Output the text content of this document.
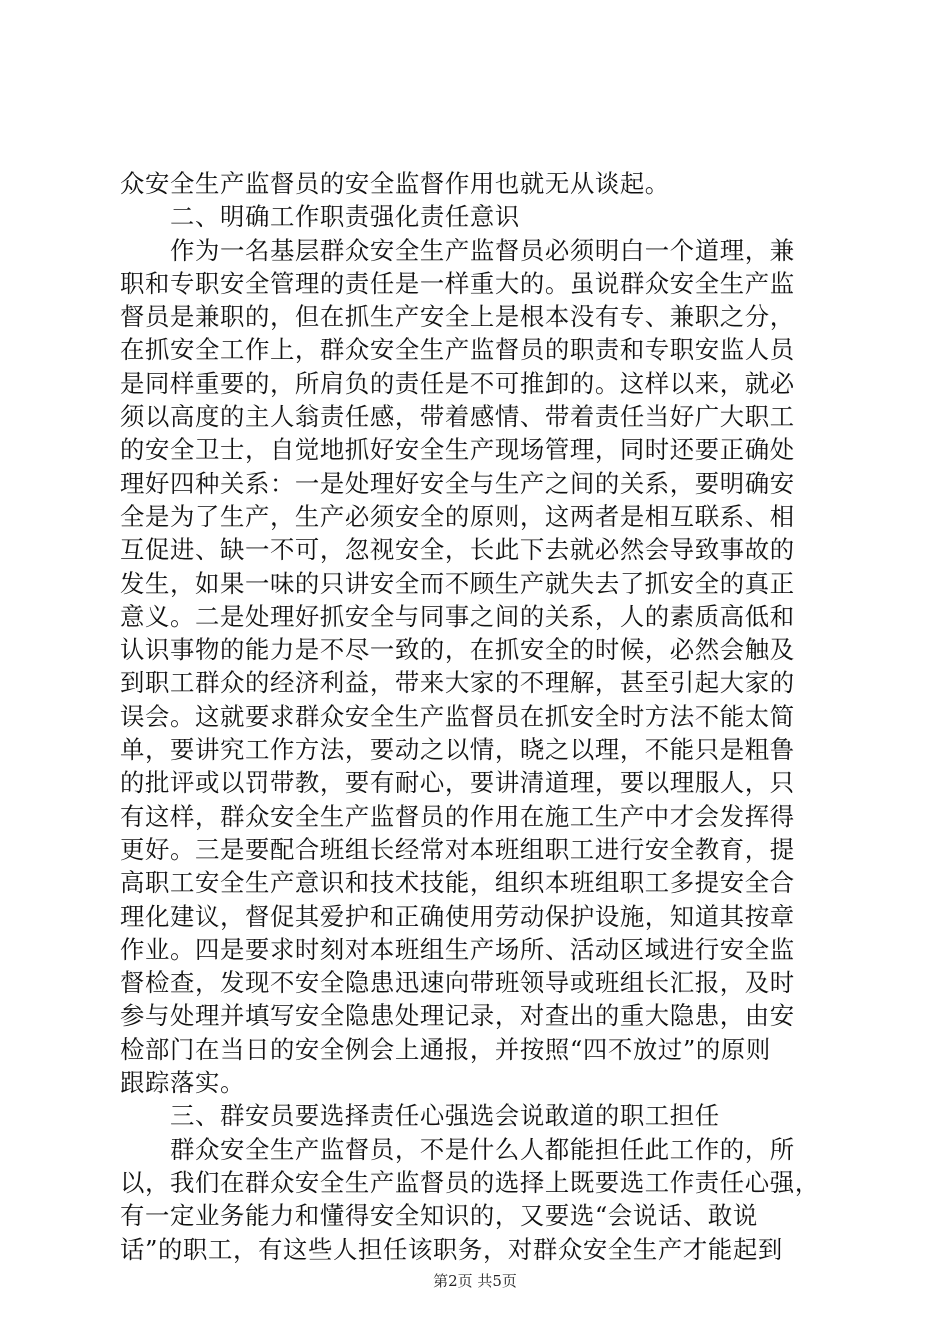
众安全生产监督员的安全监督作用也就无从谈起。
　　二、明确工作职责强化责任意识
　　作为一名基层群众安全生产监督员必须明白一个道理，兼
职和专职安全管理的责任是一样重大的。虽说群众安全生产监
督员是兼职的，但在抓生产安全上是根本没有专、兼职之分，
在抓安全工作上，群众安全生产监督员的职责和专职安监人员
是同样重要的，所肩负的责任是不可推卸的。这样以来，就必
须以高度的主人翁责任感，带着感情、带着责任当好广大职工
的安全卫士，自觉地抓好安全生产现场管理，同时还要正确处
理好四种关系：一是处理好安全与生产之间的关系，要明确安
全是为了生产，生产必须安全的原则，这两者是相互联系、相
互促进、缺一不可，忽视安全，长此下去就必然会导致事故的
发生，如果一味的只讲安全而不顾生产就失去了抓安全的真正
意义。二是处理好抓安全与同事之间的关系，人的素质高低和
认识事物的能力是不尽一致的，在抓安全的时候，必然会触及
到职工群众的经济利益，带来大家的不理解，甚至引起大家的
误会。这就要求群众安全生产监督员在抓安全时方法不能太简
单，要讲究工作方法，要动之以情，晓之以理，不能只是粗鲁
的批评或以罚带教，要有耐心，要讲清道理，要以理服人，只
有这样，群众安全生产监督员的作用在施工生产中才会发挥得
更好。三是要配合班组长经常对本班组职工进行安全教育，提
高职工安全生产意识和技术技能，组织本班组职工多提安全合
理化建议，督促其爱护和正确使用劳动保护设施，知道其按章
作业。四是要求时刻对本班组生产场所、活动区域进行安全监
督检查，发现不安全隐患迅速向带班领导或班组长汇报，及时
参与处理并填写安全隐患处理记录，对查出的重大隐患，由安
检部门在当日的安全例会上通报，并按照“四不放过”的原则
跟踪落实。
　　三、群安员要选择责任心强选会说敢道的职工担任
　　群众安全生产监督员，不是什么人都能担任此工作的，所
以，我们在群众安全生产监督员的选择上既要选工作责任心强，
有一定业务能力和懂得安全知识的，又要选“会说话、敢说
话”的职工，有这些人担任该职务，对群众安全生产才能起到
第2页 共5页
